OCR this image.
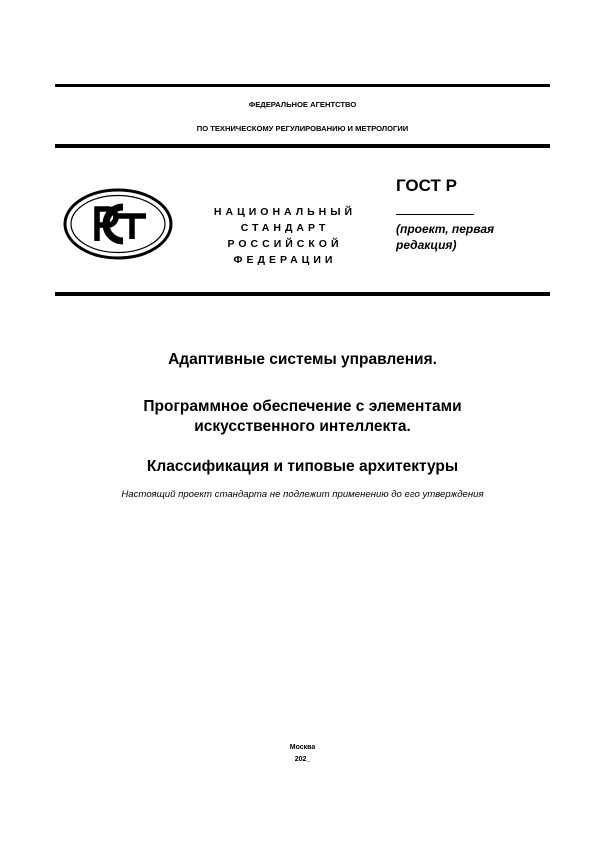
ФЕДЕРАЛЬНОЕ АГЕНТСТВО
ПО ТЕХНИЧЕСКОМУ РЕГУЛИРОВАНИЮ И МЕТРОЛОГИИ
НАЦИОНАЛЬНЫЙ
СТАНДАРТ
РОССИЙСКОЙ
ФЕДЕРАЦИИ
ГОСТ Р
(проект, первая
редакция)
Адаптивные системы управления.
Программное обеспечение с элементами
искусственного интеллекта.
Классификация и типовые архитектуры
Настоящий проект стандарта не подлежит применению до его утверждения
Москва
202_
